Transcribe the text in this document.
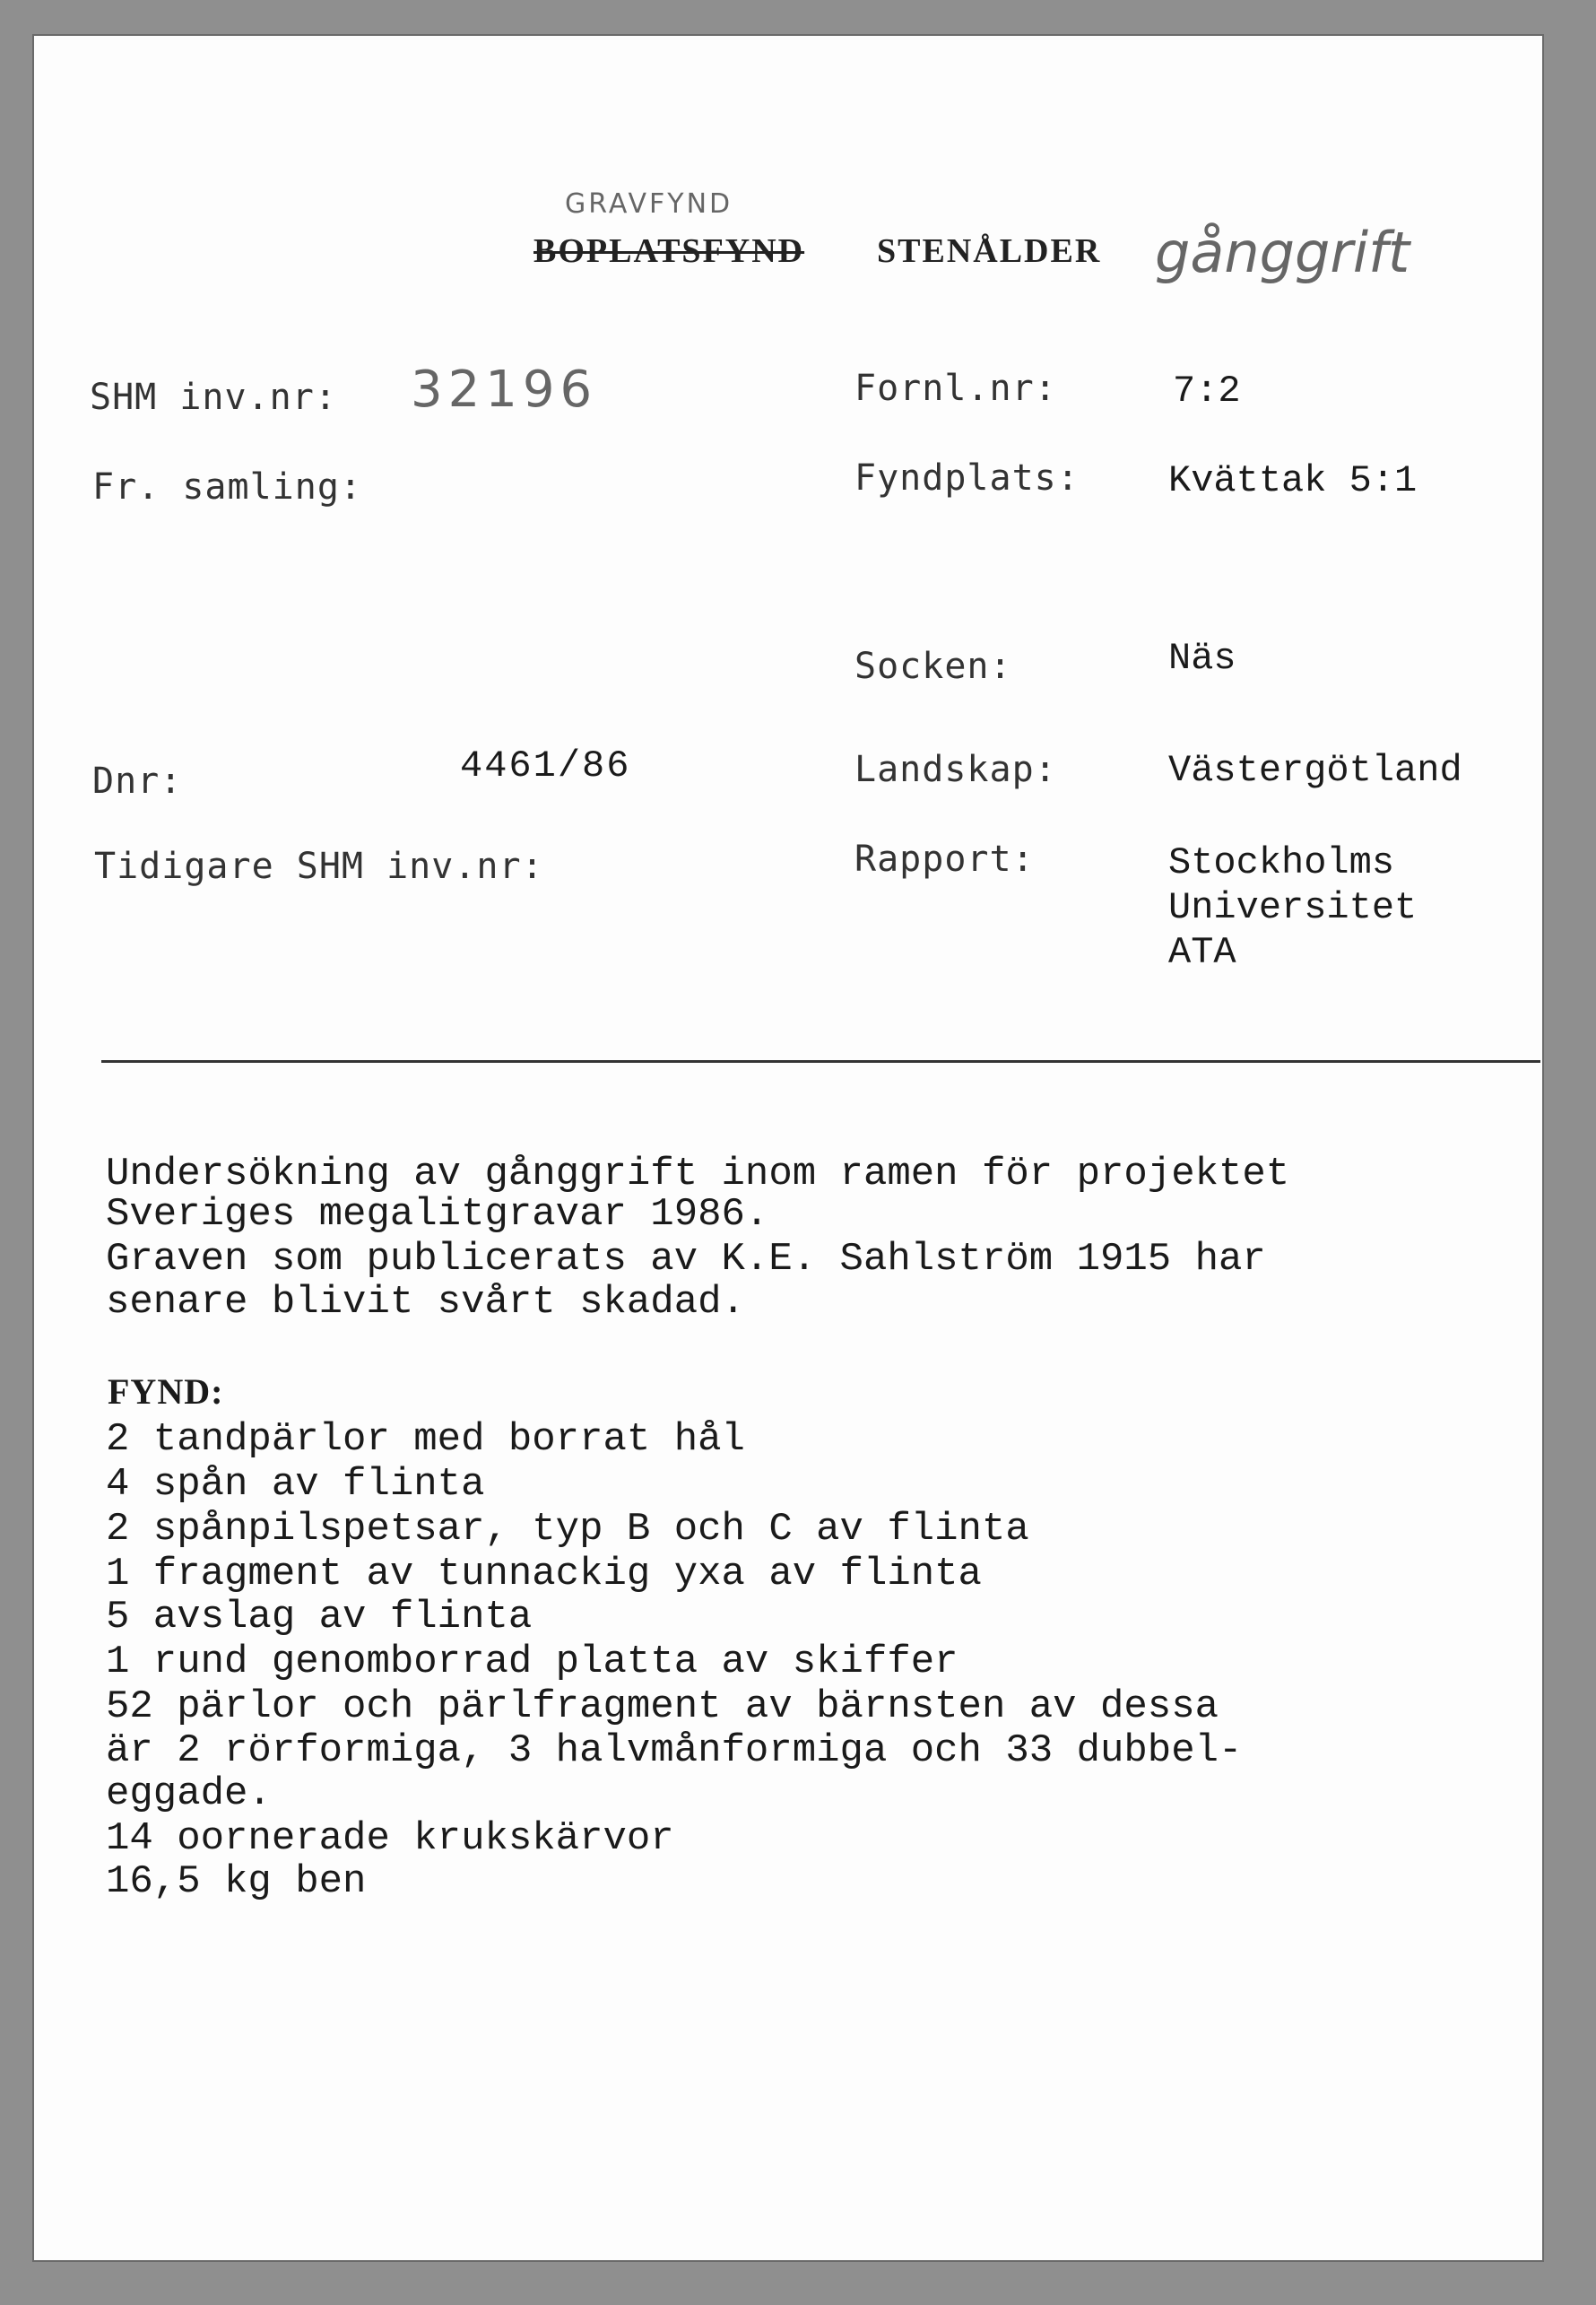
GRAVFYND
BOPLATSFYND STENÅLDER gånggrift
SHM inv.nr: 32196
Fr. samling:
Dnr:	4461/86
Tidigare SHM inv.nr:
Fornl.nr:	7:2
Fyndplats: Kvättak 5:1
Socken:	Näs
Landskap:	Västergötland
Rapport:	Stockholms
Universitet
ATA
Undersökning av gånggrift inom ramen för projektet
Sveriges megalitgravar 1986.
Graven som publicerats av K.E. Sahlström 1915 har
senare blivit svårt skadad.
FYND:
2 tandpärlor med borrat hål
4 spån av flinta
2 spånpilspetsar, typ B och C av flinta
1 fragment av tunnackig yxa av flinta
5 avslag av flinta
1 rund genomborrad platta av skiffer
52 pärlor och pärlfragment av bärnsten av dessa
är 2 rörformiga, 3 halvmånformiga och 33 dubbel-
eggade.
14 oornerade krukskärvor
16,5 kg ben
